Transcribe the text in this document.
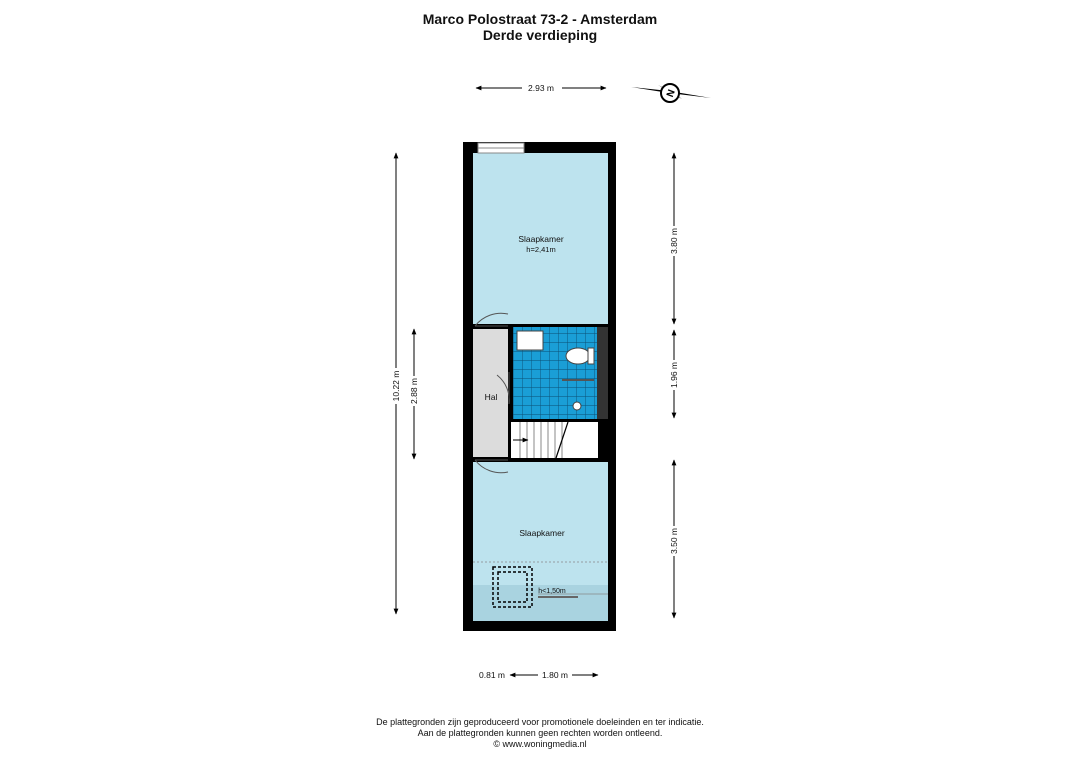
Marco Polostraat 73-2 - Amsterdam
Derde verdieping
2.93 m
10.22 m 2.88 m
3.80 m
1.96 m
3.50 m
0.81 m	1.80 m
Slaapkamer
h=2,41m
Hal
Slaapkamer
h<1,50m
N
De plattegronden zijn geproduceerd voor promotionele doeleinden en ter indicatie.
Aan de plattegronden kunnen geen rechten worden ontleend.
© www.woningmedia.nl
